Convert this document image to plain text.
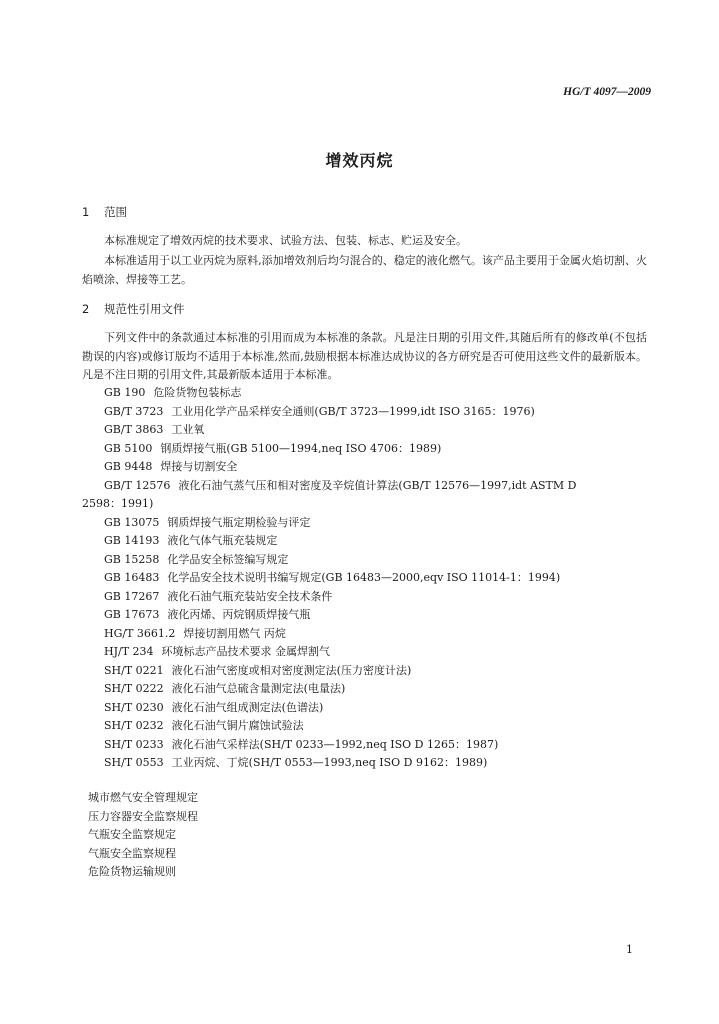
HG/T 4097—2009
增效丙烷
1 范围
本标准规定了增效丙烷的技术要求、试验方法、包装、标志、贮运及安全。
本标准适用于以工业丙烷为原料,添加增效剂后均匀混合的、稳定的液化燃气。该产品主要用于金属火焰切割、火焰喷涂、焊接等工艺。
2 规范性引用文件
下列文件中的条款通过本标准的引用而成为本标准的条款。凡是注日期的引用文件,其随后所有的修改单(不包括勘误的内容)或修订版均不适用于本标准,然而,鼓励根据本标准达成协议的各方研究是否可使用这些文件的最新版本。凡是不注日期的引用文件,其最新版本适用于本标准。
GB 190 危险货物包装标志
GB/T 3723 工业用化学产品采样安全通则(GB/T 3723—1999,idt ISO 3165：1976)
GB/T 3863 工业氧
GB 5100 钢质焊接气瓶(GB 5100—1994,neq ISO 4706：1989)
GB 9448 焊接与切割安全
GB/T 12576 液化石油气蒸气压和相对密度及辛烷值计算法(GB/T 12576—1997,idt ASTM D
2598：1991)
GB 13075 钢质焊接气瓶定期检验与评定
GB 14193 液化气体气瓶充装规定
GB 15258 化学品安全标签编写规定
GB 16483 化学品安全技术说明书编写规定(GB 16483—2000,eqv ISO 11014-1：1994)
GB 17267 液化石油气瓶充装站安全技术条件
GB 17673 液化丙烯、丙烷钢质焊接气瓶
HG/T 3661.2 焊接切割用燃气 丙烷
HJ/T 234 环境标志产品技术要求 金属焊割气
SH/T 0221 液化石油气密度或相对密度测定法(压力密度计法)
SH/T 0222 液化石油气总硫含量测定法(电量法)
SH/T 0230 液化石油气组成测定法(色谱法)
SH/T 0232 液化石油气铜片腐蚀试验法
SH/T 0233 液化石油气采样法(SH/T 0233—1992,neq ISO D 1265：1987)
SH/T 0553 工业丙烷、丁烷(SH/T 0553—1993,neq ISO D 9162：1989)
城市燃气安全管理规定
压力容器安全监察规程
气瓶安全监察规定
气瓶安全监察规程
危险货物运输规则
1
